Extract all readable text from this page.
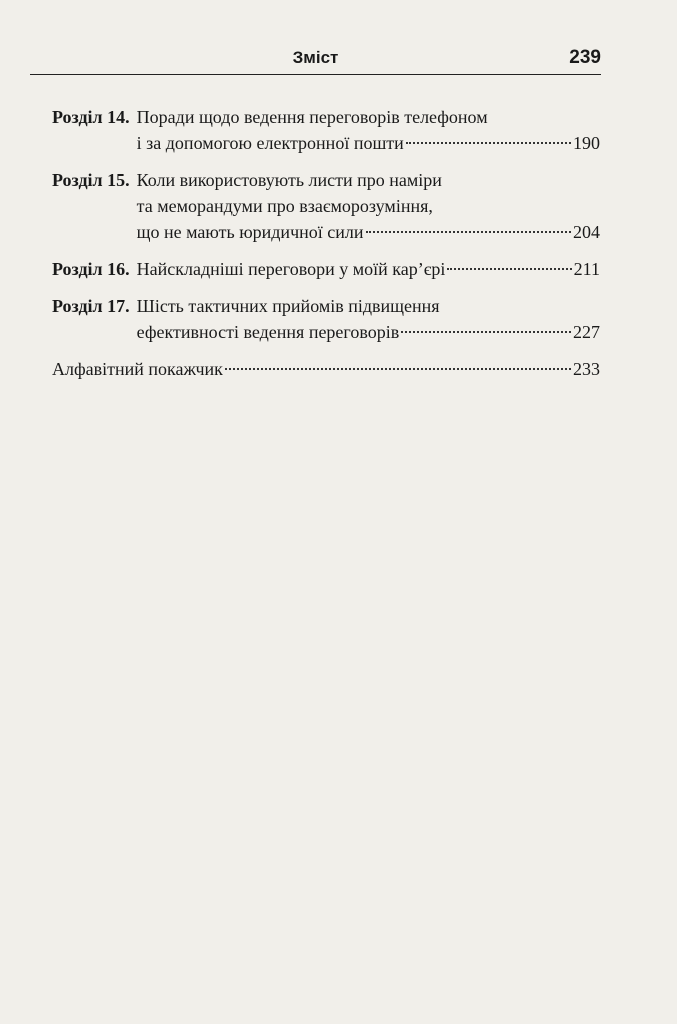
Зміст	239
Розділ 14. Поради щодо ведення переговорів телефоном
і за допомогою електронної пошти	190
Розділ 15. Коли використовують листи про наміри
та меморандуми про взаєморозуміння,
що не мають юридичної сили	204
Розділ 16. Найскладніші переговори у моїй кар’єрі	211
Розділ 17. Шість тактичних прийомів підвищення
ефективності ведення переговорів	227
Алфавітний покажчик	233
